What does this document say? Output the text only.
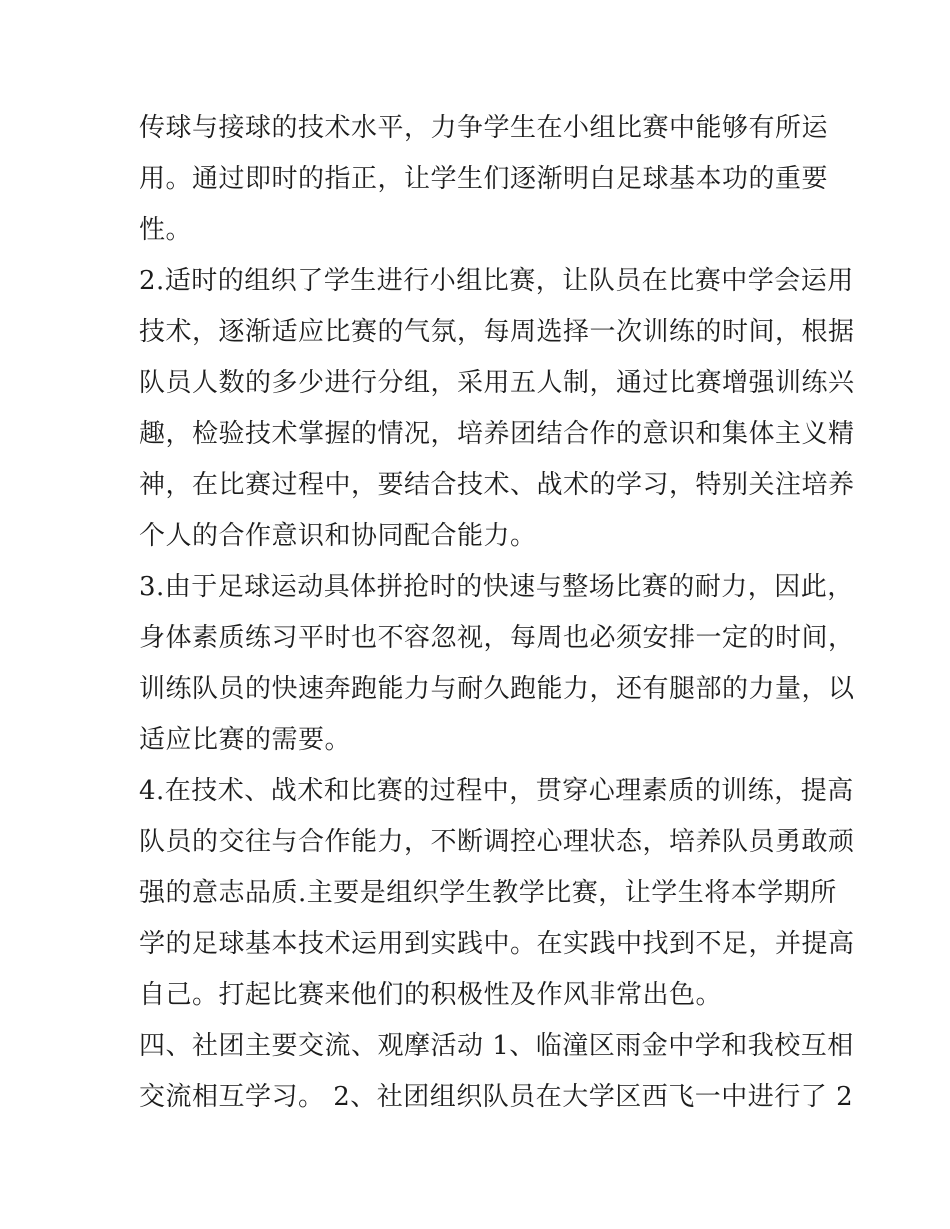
传球与接球的技术水平，力争学生在小组比赛中能够有所运
用。通过即时的指正，让学生们逐渐明白足球基本功的重要
性。
2.适时的组织了学生进行小组比赛，让队员在比赛中学会运用
技术，逐渐适应比赛的气氛，每周选择一次训练的时间，根据
队员人数的多少进行分组，采用五人制，通过比赛增强训练兴
趣，检验技术掌握的情况，培养团结合作的意识和集体主义精
神，在比赛过程中，要结合技术、战术的学习，特别关注培养
个人的合作意识和协同配合能力。
3.由于足球运动具体拼抢时的快速与整场比赛的耐力，因此，
身体素质练习平时也不容忽视，每周也必须安排一定的时间，
训练队员的快速奔跑能力与耐久跑能力，还有腿部的力量，以
适应比赛的需要。
4.在技术、战术和比赛的过程中，贯穿心理素质的训练，提高
队员的交往与合作能力，不断调控心理状态，培养队员勇敢顽
强的意志品质.主要是组织学生教学比赛，让学生将本学期所
学的足球基本技术运用到实践中。在实践中找到不足，并提高
自己。打起比赛来他们的积极性及作风非常出色。
四、社团主要交流、观摩活动 1、临潼区雨金中学和我校互相
交流相互学习。 2、社团组织队员在大学区西飞一中进行了 2
